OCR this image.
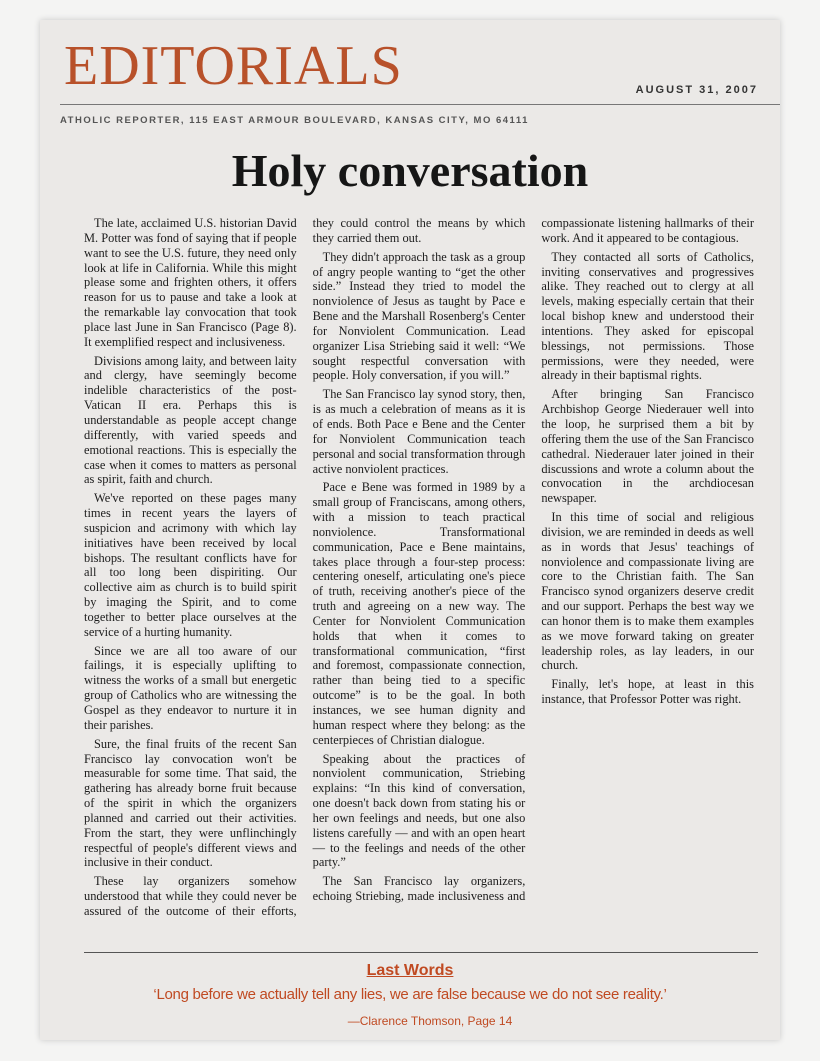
EDITORIALS	AUGUST 31, 2007
ATHOLIC REPORTER, 115 EAST ARMOUR BOULEVARD, KANSAS CITY, MO 64111
Holy conversation

The late, acclaimed U.S. historian David M. Potter was fond of saying that if people want to see the U.S. future, they need only look at life in California. While this might please some and frighten others, it offers reason for us to pause and take a look at the remarkable lay convocation that took place last June in San Francisco (Page 8). It exemplified respect and inclusiveness.

Divisions among laity, and between laity and clergy, have seemingly become indelible characteristics of the post-Vatican II era. Perhaps this is understandable as people accept change differently, with varied speeds and emotional reactions. This is especially the case when it comes to matters as personal as spirit, faith and church.

We've reported on these pages many times in recent years the layers of suspicion and acrimony with which lay initiatives have been received by local bishops. The resultant conflicts have for all too long been dispiriting. Our collective aim as church is to build spirit by imaging the Spirit, and to come together to better place ourselves at the service of a hurting humanity.

Since we are all too aware of our failings, it is especially uplifting to witness the works of a small but energetic group of Catholics who are witnessing the Gospel as they endeavor to nurture it in their parishes.

Sure, the final fruits of the recent San Francisco lay convocation won't be measurable for some time. That said, the gathering has already borne fruit because of the spirit in which the organizers planned and carried out their activities. From the start, they were unflinchingly respectful of people's different views and inclusive in their conduct.

These lay organizers somehow understood that while they could never be assured of the outcome of their efforts, they could control the means by which they carried them out.

They didn't approach the task as a group of angry people wanting to “get the other side.” Instead they tried to model the nonviolence of Jesus as taught by Pace e Bene and the Marshall Rosenberg's Center for Nonviolent Communication. Lead organizer Lisa Striebing said it well: “We sought respectful conversation with people. Holy conversation, if you will.”

The San Francisco lay synod story, then, is as much a celebration of means as it is of ends. Both Pace e Bene and the Center for Nonviolent Communication teach personal and social transformation through active nonviolent practices.

Pace e Bene was formed in 1989 by a small group of Franciscans, among others, with a mission to teach practical nonviolence. Transformational communication, Pace e Bene maintains, takes place through a four-step process: centering oneself, articulating one's piece of truth, receiving another's piece of the truth and agreeing on a new way. The Center for Nonviolent Communication holds that when it comes to transformational communication, “first and foremost, compassionate connection, rather than being tied to a specific outcome” is to be the goal. In both instances, we see human dignity and human respect where they belong: as the centerpieces of Christian dialogue.

Speaking about the practices of nonviolent communication, Striebing explains: “In this kind of conversation, one doesn't back down from stating his or her own feelings and needs, but one also listens carefully — and with an open heart — to the feelings and needs of the other party.”

The San Francisco lay organizers, echoing Striebing, made inclusiveness and compassionate listening hallmarks of their work. And it appeared to be contagious.

They contacted all sorts of Catholics, inviting conservatives and progressives alike. They reached out to clergy at all levels, making especially certain that their local bishop knew and understood their intentions. They asked for episcopal blessings, not permissions. Those permissions, were they needed, were already in their baptismal rights.

After bringing San Francisco Archbishop George Niederauer well into the loop, he surprised them a bit by offering them the use of the San Francisco cathedral. Niederauer later joined in their discussions and wrote a column about the convocation in the archdiocesan newspaper.

In this time of social and religious division, we are reminded in deeds as well as in words that Jesus' teachings of nonviolence and compassionate living are core to the Christian faith. The San Francisco synod organizers deserve credit and our support. Perhaps the best way we can honor them is to make them examples as we move forward taking on greater leadership roles, as lay leaders, in our church.

Finally, let's hope, at least in this instance, that Professor Potter was right.

Last Words
‘Long before we actually tell any lies, we are false because we do not see reality.’
—Clarence Thomson, Page 14
